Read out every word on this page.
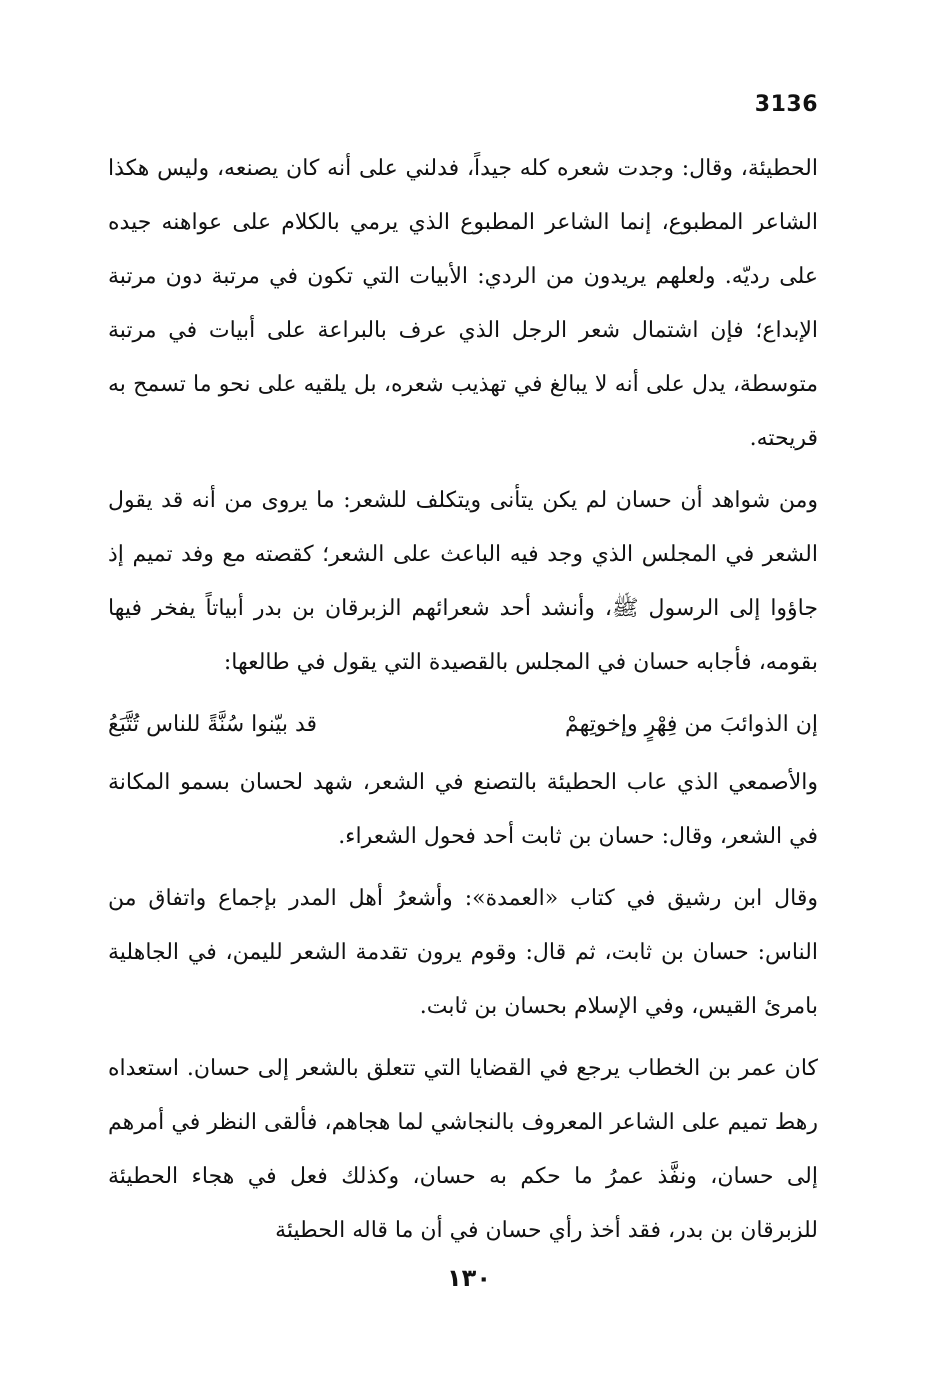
3136

الحطيئة، وقال: وجدت شعره كله جيداً، فدلني على أنه كان يصنعه، وليس هكذا الشاعر المطبوع، إنما الشاعر المطبوع الذي يرمي بالكلام على عواهنه جيده على رديّه. ولعلهم يريدون من الردي: الأبيات التي تكون في مرتبة دون مرتبة الإبداع؛ فإن اشتمال شعر الرجل الذي عرف بالبراعة على أبيات في مرتبة متوسطة، يدل على أنه لا يبالغ في تهذيب شعره، بل يلقيه على نحو ما تسمح به قريحته.

ومن شواهد أن حسان لم يكن يتأنى ويتكلف للشعر: ما يروى من أنه قد يقول الشعر في المجلس الذي وجد فيه الباعث على الشعر؛ كقصته مع وفد تميم إذ جاؤوا إلى الرسول ﷺ، وأنشد أحد شعرائهم الزبرقان بن بدر أبياتاً يفخر فيها بقومه، فأجابه حسان في المجلس بالقصيدة التي يقول في طالعها:

إن الذوائبَ من فِهْرٍ وإخوتِهمْ
قد بيّنوا سُنَّةً للناس تُتَّبَعُ

والأصمعي الذي عاب الحطيئة بالتصنع في الشعر، شهد لحسان بسمو المكانة في الشعر، وقال: حسان بن ثابت أحد فحول الشعراء.

وقال ابن رشيق في كتاب «العمدة»: وأشعرُ أهل المدر بإجماع واتفاق من الناس: حسان بن ثابت، ثم قال: وقوم يرون تقدمة الشعر لليمن، في الجاهلية بامرئ القيس، وفي الإسلام بحسان بن ثابت.

كان عمر بن الخطاب يرجع في القضايا التي تتعلق بالشعر إلى حسان. استعداه رهط تميم على الشاعر المعروف بالنجاشي لما هجاهم، فألقى النظر في أمرهم إلى حسان، ونفَّذ عمرُ ما حكم به حسان، وكذلك فعل في هجاء الحطيئة للزبرقان بن بدر، فقد أخذ رأي حسان في أن ما قاله الحطيئة

١٣٠
